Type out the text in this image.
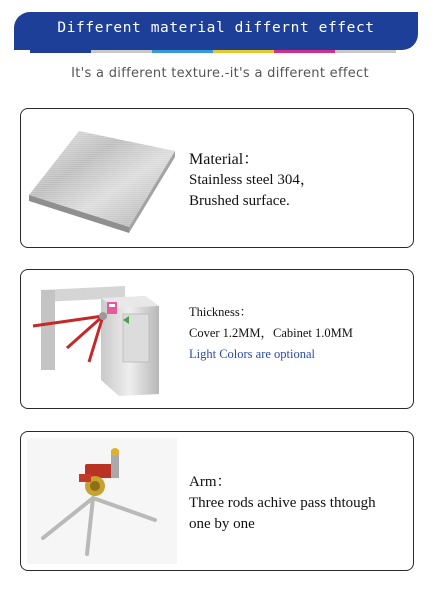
Different material differnt effect
It's a different texture.-it's a different effect
Material：
Stainless steel 304，
Brushed surface.
Thickness：
Cover 1.2MM，Cabinet 1.0MM
Light Colors are optional
Arm：
Three rods achive pass thtough
one by one
